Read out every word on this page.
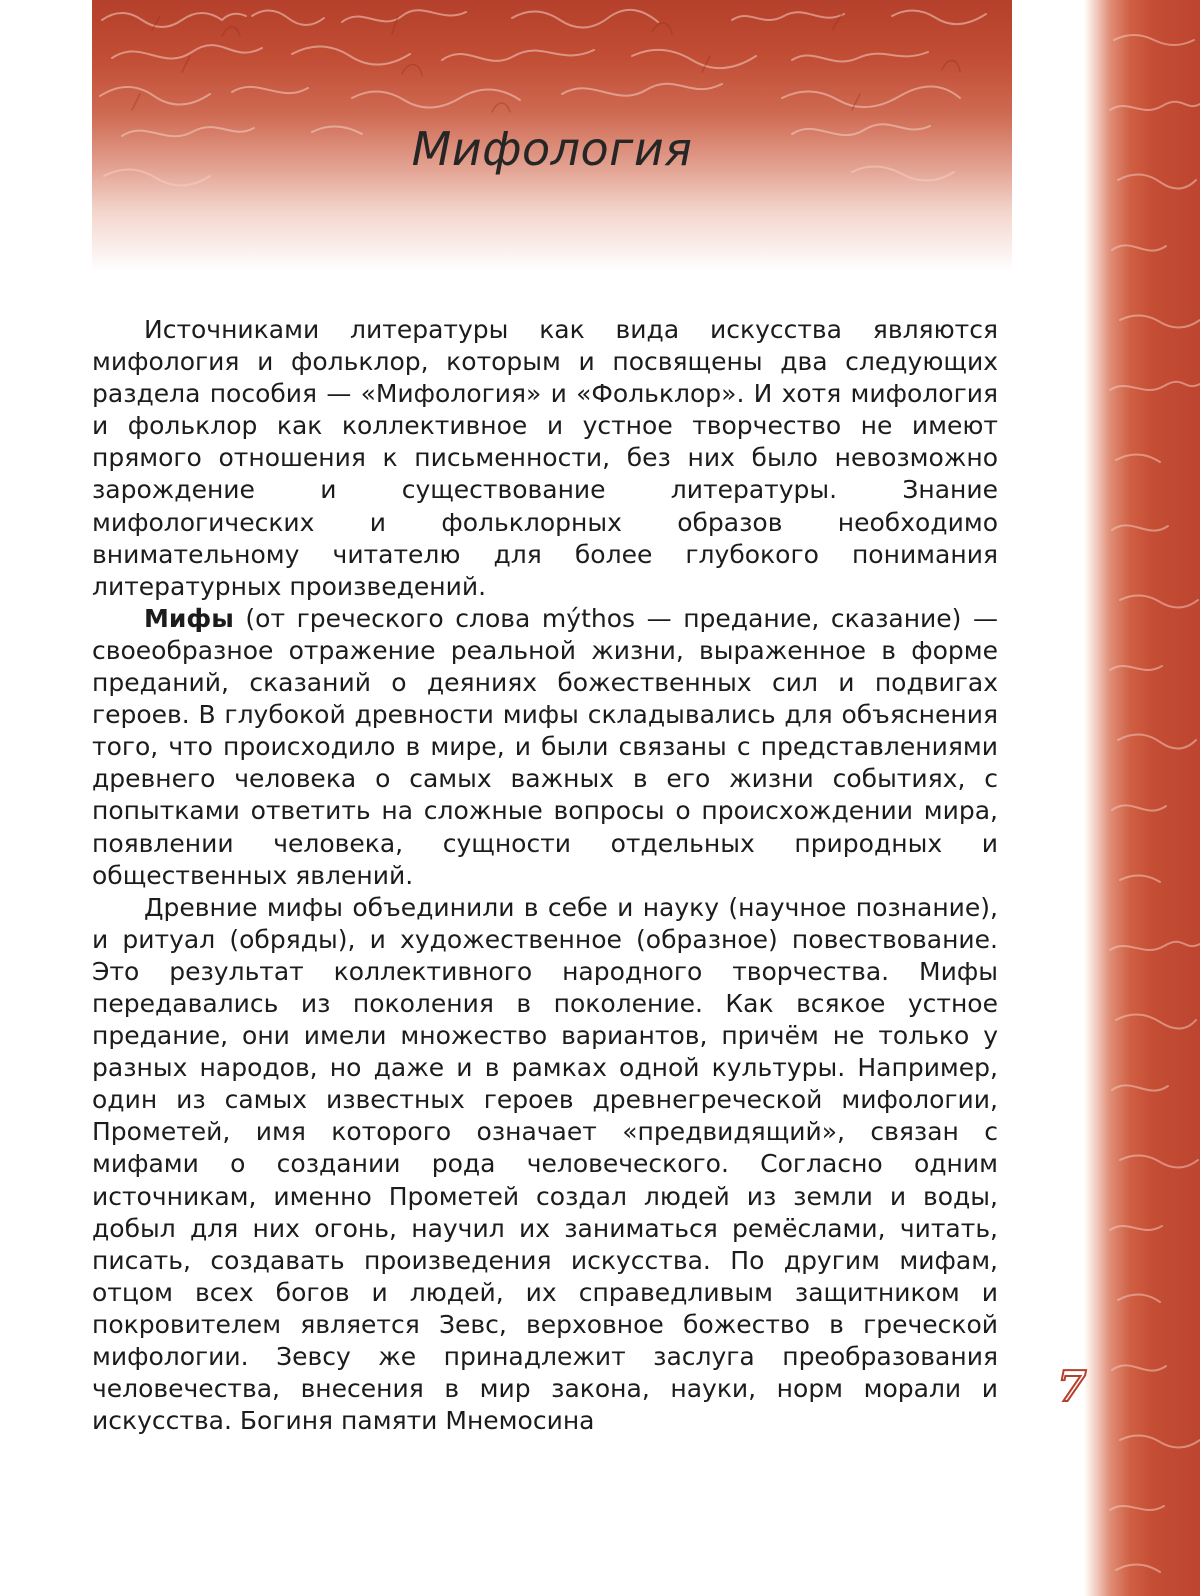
Мифология
7

Источниками литературы как вида искусства являются мифология и фольклор, которым и посвящены два следующих раздела пособия — «Мифология» и «Фольклор». И хотя мифология и фольклор как коллективное и устное творчество не имеют прямого отношения к письменности, без них было невозможно зарождение и существование литературы. Знание мифологических и фольклорных образов необходимо внимательному читателю для более глубокого понимания литературных произведений.

Мифы (от греческого слова mýthos — предание, сказание) — своеобразное отражение реальной жизни, выраженное в форме преданий, сказаний о деяниях божественных сил и подвигах героев. В глубокой древности мифы складывались для объяснения того, что происходило в мире, и были связаны с представлениями древнего человека о самых важных в его жизни событиях, с попытками ответить на сложные вопросы о происхождении мира, появлении человека, сущности отдельных природных и общественных явлений.

Древние мифы объединили в себе и науку (научное познание), и ритуал (обряды), и художественное (образное) повествование. Это результат коллективного народного творчества. Мифы передавались из поколения в поколение. Как всякое устное предание, они имели множество вариантов, причём не только у разных народов, но даже и в рамках одной культуры. Например, один из самых известных героев древнегреческой мифологии, Прометей, имя которого означает «предвидящий», связан с мифами о создании рода человеческого. Согласно одним источникам, именно Прометей создал людей из земли и воды, добыл для них огонь, научил их заниматься ремёслами, читать, писать, создавать произведения искусства. По другим мифам, отцом всех богов и людей, их справедливым защитником и покровителем является Зевс, верховное божество в греческой мифологии. Зевсу же принадлежит заслуга преобразования человечества, внесения в мир закона, науки, норм морали и искусства. Богиня памяти Мнемосина
